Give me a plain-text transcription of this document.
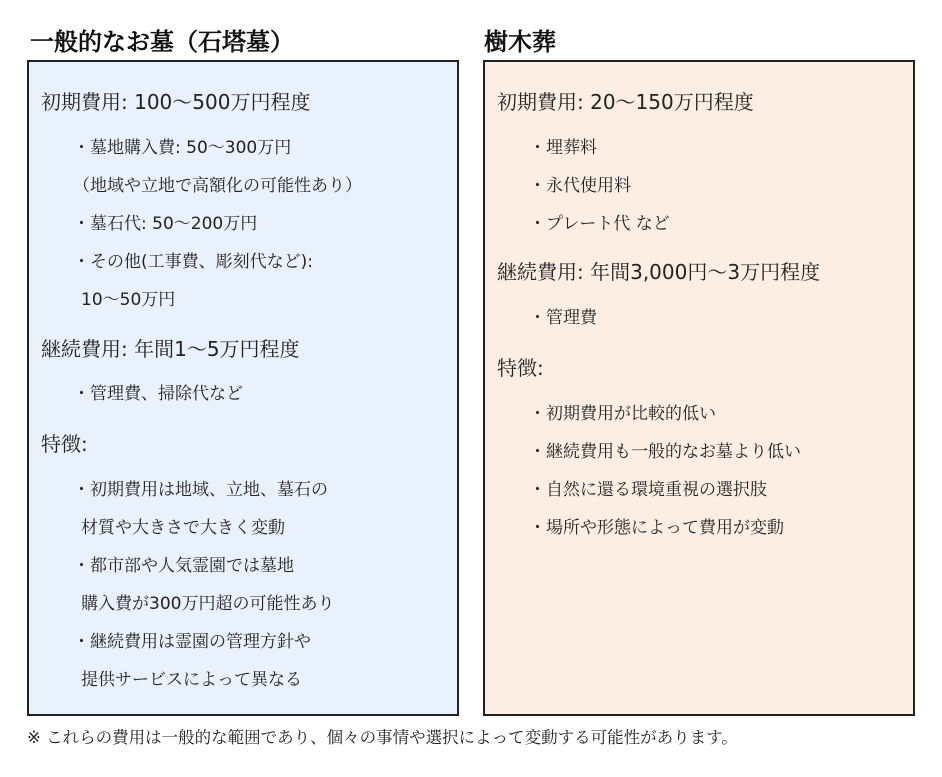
一般的なお墓（石塔墓）	樹木葬
初期費用: 100～500万円程度
・墓地購入費: 50～300万円
（地域や立地で高額化の可能性あり）
・墓石代: 50～200万円
・その他(工事費、彫刻代など):
10～50万円
継続費用: 年間1～5万円程度
・管理費、掃除代など
特徴:
・初期費用は地域、立地、墓石の
材質や大きさで大きく変動
・都市部や人気霊園では墓地
購入費が300万円超の可能性あり
・継続費用は霊園の管理方針や
提供サービスによって異なる
初期費用: 20～150万円程度
・埋葬料
・永代使用料
・プレート代 など
継続費用: 年間3,000円～3万円程度
・管理費
特徴:
・初期費用が比較的低い
・継続費用も一般的なお墓より低い
・自然に還る環境重視の選択肢
・場所や形態によって費用が変動

※ これらの費用は一般的な範囲であり、個々の事情や選択によって変動する可能性があります。
